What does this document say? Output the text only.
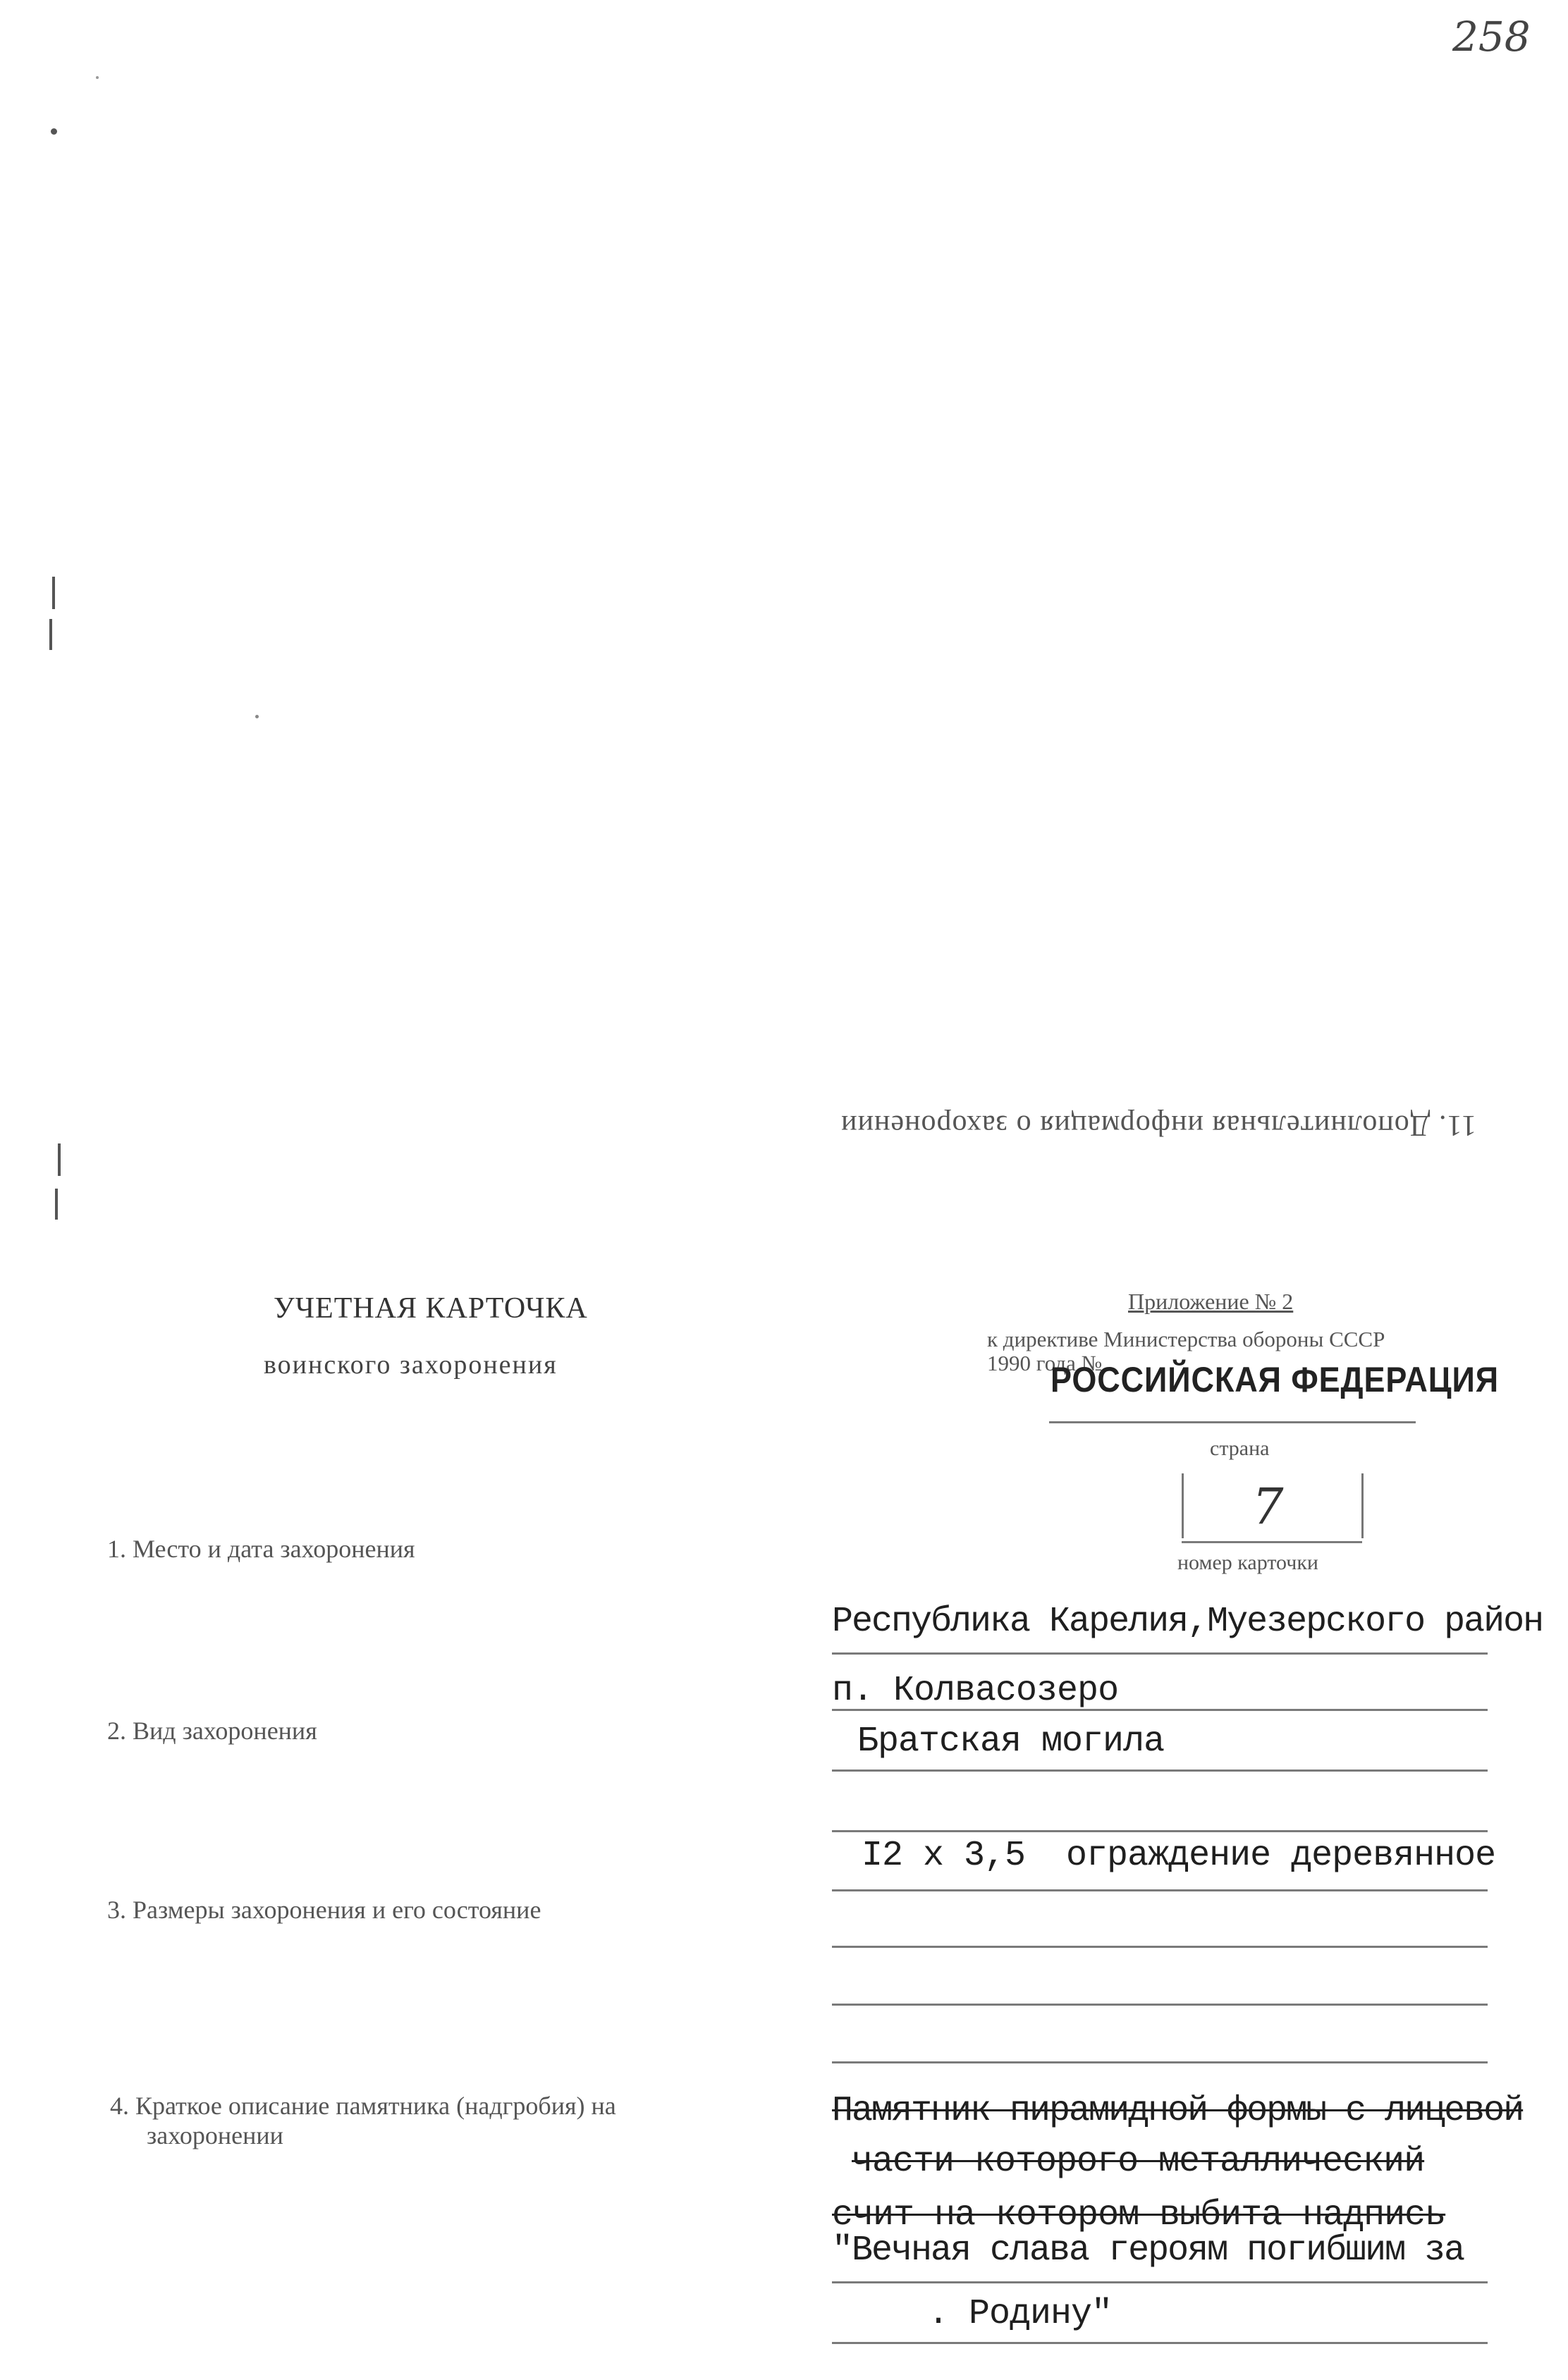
258
11. Дополнительная информация о захоронении
УЧЕТНАЯ КАРТОЧКА
воинского захоронения
Приложение № 2
к директиве Министерства обороны СССР
1990 года №
РОССИЙСКАЯ ФЕДЕРАЦИЯ
страна
7
номер карточки
1. Место и дата захоронения
2. Вид захоронения
3. Размеры захоронения и его состояние
4. Краткое описание памятника (надгробия) на
захоронении
Республика Карелия,Муезерского район
п. Колвасозеро
Братская могила
I2 x 3,5  ограждение деревянное
Памятник пирамидной формы с лицевой
части которого металлический
счит на котором выбита надпись
"Вечная слава героям погибшим за
. Родину"
